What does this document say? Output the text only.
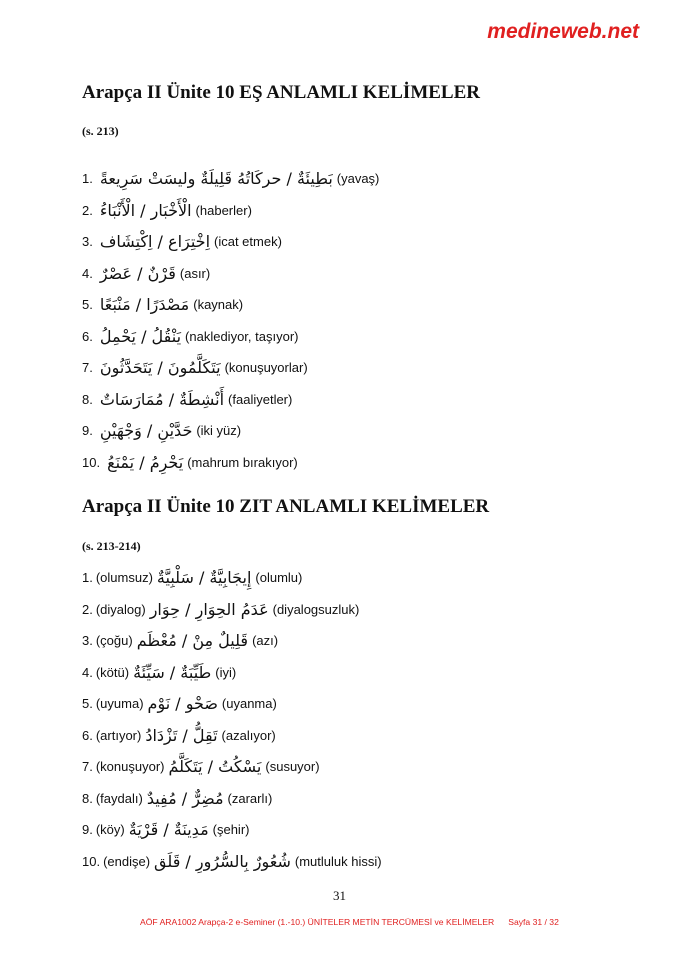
medineweb.net
Arapça II Ünite 10 EŞ ANLAMLI KELİMELER
(s. 213)
1. بَطِيئَةٌ / حركَاتُهُ قَلِيلَةٌ وليسَتْ سَرِيعةً (yavaş)
2. الْأَخْبَار / الْأَنْبَاءُ (haberler)
3. اِخْتِرَاع / اِكْتِشَاف (icat etmek)
4. قَرْنٌ / عَصْرٌ (asır)
5. مَصْدَرًا / مَنْبَعًا (kaynak)
6. يَنْقُلُ / يَحْمِلُ (naklediyor, taşıyor)
7. يَتَكَلَّمُونَ / يَتَحَدَّثُونَ (konuşuyorlar)
8. أَنْشِطَةٌ / مُمَارَسَاتٌ (faaliyetler)
9. حَدَّيْنِ / وَجْهَيْنِ (iki yüz)
10. يَحْرِمُ / يَمْنَعُ (mahrum bırakıyor)
Arapça II Ünite 10 ZIT ANLAMLI KELİMELER
(s. 213-214)
1. (olumsuz) إِيجَابِيَّةٌ / سَلْبِيَّةٌ (olumlu)
2. (diyalog) عَدَمُ الحِوَارِ / حِوَار (diyalogsuzluk)
3. (çoğu) قَلِيلٌ مِنْ / مُعْظَم (azı)
4. (kötü) طَيِّبَةٌ / سَيِّئَةٌ (iyi)
5. (uyuma) صَحْو / نَوْم (uyanma)
6. (artıyor) تَقِلُّ / تَزْدَادُ (azalıyor)
7. (konuşuyor) يَسْكُتُ / يَتَكَلَّمُ (susuyor)
8. (faydalı) مُضِرٌّ / مُفِيدٌ (zararlı)
9. (köy) مَدِينَةٌ / قَرْيَةٌ (şehir)
10. (endişe) شُعُورٌ بِالسُّرُورِ / قَلَق (mutluluk hissi)
31
AÖF ARA1002 Arapça-2 e-Seminer (1.-10.) ÜNİTELER METİN TERCÜMESİ ve KELİMELER Sayfa 31 / 32
